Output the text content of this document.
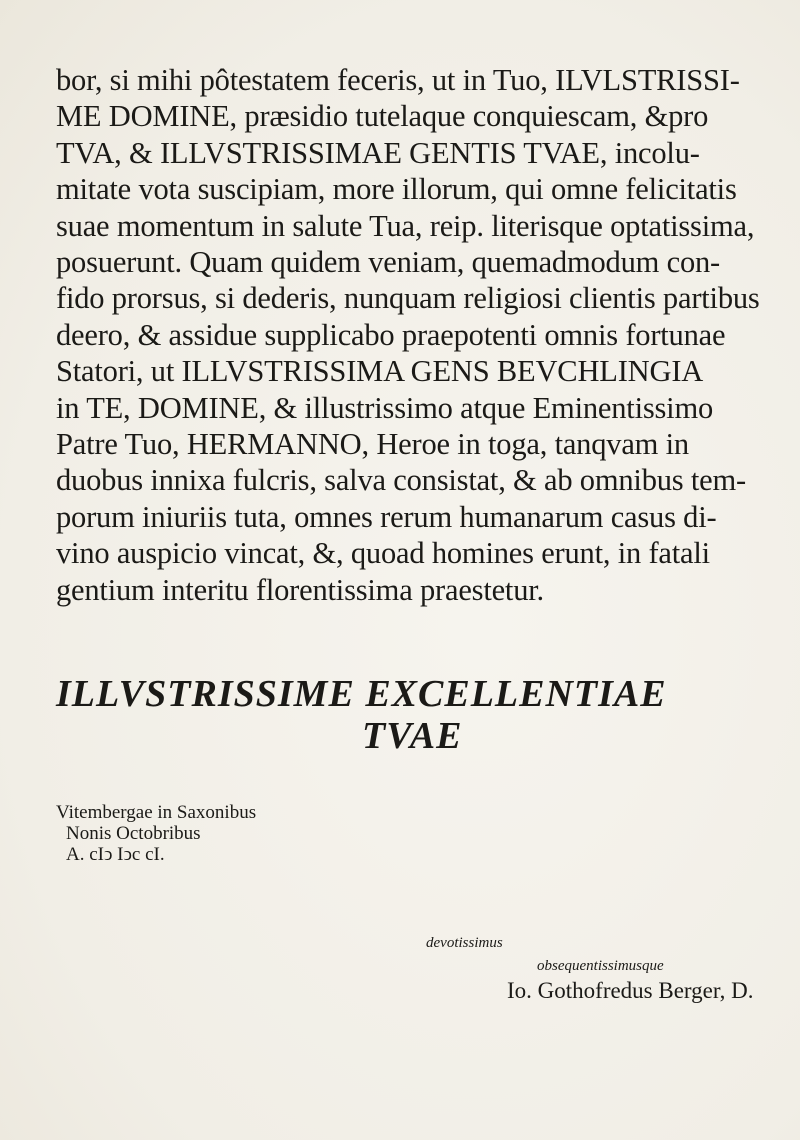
bor, si mihi pôtestatem feceris, ut in Tuo, ILVLSTRISSI-
ME DOMINE, præsidio tutelaque conquiescam, &pro
TVA, & ILLVSTRISSIMAE GENTIS TVAE, incolu-
mitate vota suscipiam, more illorum, qui omne felicitatis
suae momentum in salute Tua, reip. literisque optatissima,
posuerunt. Quam quidem veniam, quemadmodum con-
fido prorsus, si dederis, nunquam religiosi clientis partibus
deero, & assidue supplicabo praepotenti omnis fortunae
Statori, ut ILLVSTRISSIMA GENS BEVCHLINGIA
in TE, DOMINE, & illustrissimo atque Eminentissimo
Patre Tuo, HERMANNO, Heroe in toga, tanqvam in
duobus innixa fulcris, salva consistat, & ab omnibus tem-
porum iniuriis tuta, omnes rerum humanarum casus di-
vino auspicio vincat, &, quoad homines erunt, in fatali
gentium interitu florentissima praestetur.
ILLVSTRISSIME EXCELLENTIAE
TVAE
Vitembergae in Saxonibus
Nonis Octobribus
A. cIↄ Iↄc cI.
devotissimus
obsequentissimusque
Io. Gothofredus Berger, D.
